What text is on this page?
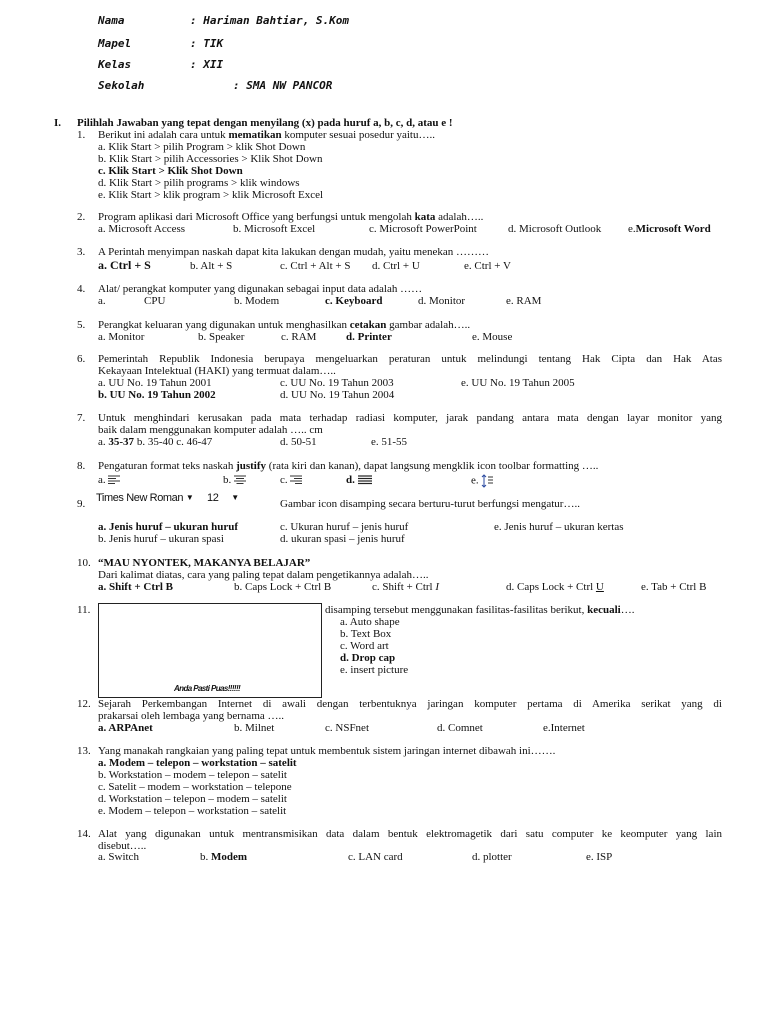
Nama	: Hariman Bahtiar, S.Kom
Mapel	: TIK
Kelas	: XII
Sekolah	: SMA NW PANCOR
I. Pilihlah Jawaban yang tepat dengan menyilang (x) pada huruf a, b, c, d, atau e !
1. Berikut ini adalah cara untuk mematikan komputer sesuai posedur yaitu…..
a. Klik Start > pilih Program > klik Shot Down
b. Klik Start > pilih Accessories > Klik Shot Down
c. Klik Start > Klik Shot Down
d. Klik Start > pilih programs > klik windows
e. Klik Start > klik program > klik Microsoft Excel
2. Program aplikasi dari Microsoft Office yang berfungsi untuk mengolah kata adalah…..
a. Microsoft Access	b. Microsoft Excel	c. Microsoft PowerPoint	d. Microsoft Outlook e.Microsoft Word
3. A Perintah menyimpan naskah dapat kita lakukan dengan mudah, yaitu menekan ………
a. Ctrl + S	b. Alt + S	c. Ctrl + Alt + S d. Ctrl + U	e. Ctrl + V
4. Alat/ perangkat komputer yang digunakan sebagai input data adalah ……
a.	CPU	b. Modem	c. Keyboard	d. Monitor	e. RAM
5. Perangkat keluaran yang digunakan untuk menghasilkan cetakan gambar adalah…..
a. Monitor	b. Speaker	c. RAM	d. Printer	e. Mouse
6. Pemerintah Republik Indonesia berupaya mengeluarkan peraturan untuk melindungi tentang Hak Cipta dan Hak Atas
Kekayaan Intelektual (HAKI) yang termuat dalam…..
a. UU No. 19 Tahun 2001
b. UU No. 19 Tahun 2002
c. UU No. 19 Tahun 2003
d. UU No. 19 Tahun 2004
e. UU No. 19 Tahun 2005
7. Untuk menghindari kerusakan pada mata terhadap radiasi komputer, jarak pandang antara mata dengan layar monitor yang
baik dalam menggunakan komputer adalah ….. cm
a. 35-37 b. 35-40 c. 46-47	d. 50-51	e. 51-55
8. Pengaturan format teks naskah justify (rata kiri dan kanan), dapat langsung mengklik icon toolbar formatting …..
a.	b.	c.	d.	e.
9. Times New Roman ▼ 12 ▼
Gambar icon disamping secara berturu-turut berfungsi mengatur…..
a. Jenis huruf – ukuran huruf
b. Jenis huruf – ukuran spasi
c. Ukuran huruf – jenis huruf
d. ukuran spasi – jenis huruf
e. Jenis huruf – ukuran kertas
10. “MAU NYONTEK, MAKANYA BELAJAR”
Dari kalimat diatas, cara yang paling tepat dalam pengetikannya adalah…..
a. Shift + Ctrl B	b. Caps Lock + Ctrl B	c. Shift + Ctrl I	d. Caps Lock + Ctrl U	e. Tab + Ctrl B
11.
Anda Pasti Puas!!!!!!
disamping tersebut menggunakan fasilitas-fasilitas berikut, kecuali….
a. Auto shape
b. Text Box
c. Word art
d. Drop cap
e. insert picture
12. Sejarah Perkembangan Internet di awali dengan terbentuknya jaringan komputer pertama di Amerika serikat yang di
prakarsai oleh lembaga yang bernama …..
a. ARPAnet	b. Milnet	c. NSFnet	d. Comnet	e.Internet
13. Yang manakah rangkaian yang paling tepat untuk membentuk sistem jaringan internet dibawah ini…….
a. Modem – telepon – workstation – satelit
b. Workstation – modem – telepon – satelit
c. Satelit – modem – workstation – telepone
d. Workstation – telepon – modem – satelit
e. Modem – telepon – workstation – satelit
14. Alat yang digunakan untuk mentransmisikan data dalam bentuk elektromagetik dari satu computer ke keomputer yang lain
disebut…..
a. Switch	b. Modem	c. LAN card	d. plotter	e. ISP
